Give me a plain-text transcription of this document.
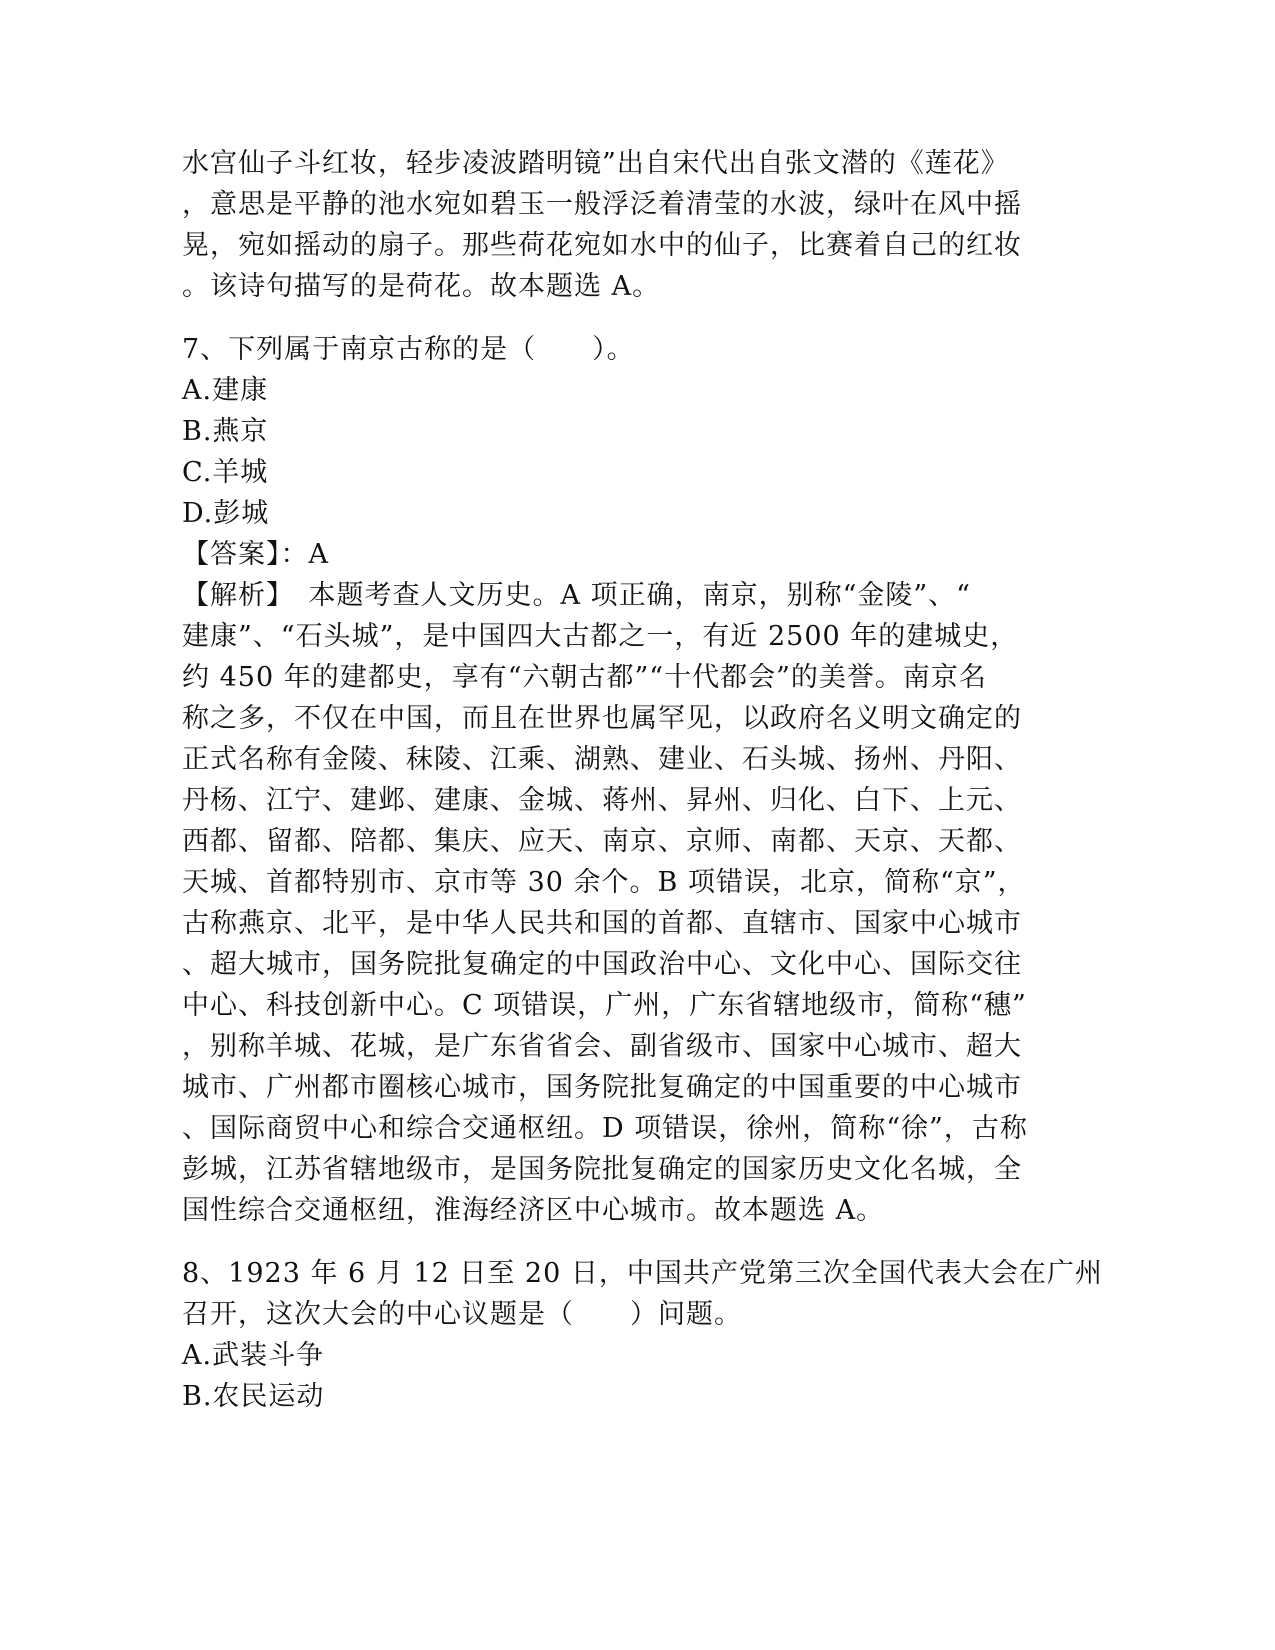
水宫仙子斗红妆，轻步凌波踏明镜”出自宋代出自张文潜的《莲花》
，意思是平静的池水宛如碧玉一般浮泛着清莹的水波，绿叶在风中摇
晃，宛如摇动的扇子。那些荷花宛如水中的仙子，比赛着自己的红妆
。该诗句描写的是荷花。故本题选 A。
7、下列属于南京古称的是（　　）。
A.建康
B.燕京
C.羊城
D.彭城
【答案】：A
【解析】　本题考查人文历史。A 项正确，南京，别称“金陵”、“
建康”、“石头城”，是中国四大古都之一，有近 2500 年的建城史，
约 450 年的建都史，享有“六朝古都”“十代都会”的美誉。南京名
称之多，不仅在中国，而且在世界也属罕见，以政府名义明文确定的
正式名称有金陵、秣陵、江乘、湖熟、建业、石头城、扬州、丹阳、
丹杨、江宁、建邺、建康、金城、蒋州、昇州、归化、白下、上元、
西都、留都、陪都、集庆、应天、南京、京师、南都、天京、天都、
天城、首都特别市、京市等 30 余个。B 项错误，北京，简称“京”，
古称燕京、北平，是中华人民共和国的首都、直辖市、国家中心城市
、超大城市，国务院批复确定的中国政治中心、文化中心、国际交往
中心、科技创新中心。C 项错误，广州，广东省辖地级市，简称“穗”
，别称羊城、花城，是广东省省会、副省级市、国家中心城市、超大
城市、广州都市圈核心城市，国务院批复确定的中国重要的中心城市
、国际商贸中心和综合交通枢纽。D 项错误，徐州，简称“徐”，古称
彭城，江苏省辖地级市，是国务院批复确定的国家历史文化名城，全
国性综合交通枢纽，淮海经济区中心城市。故本题选 A。
8、1923 年 6 月 12 日至 20 日，中国共产党第三次全国代表大会在广州
召开，这次大会的中心议题是（　　）问题。
A.武装斗争
B.农民运动
